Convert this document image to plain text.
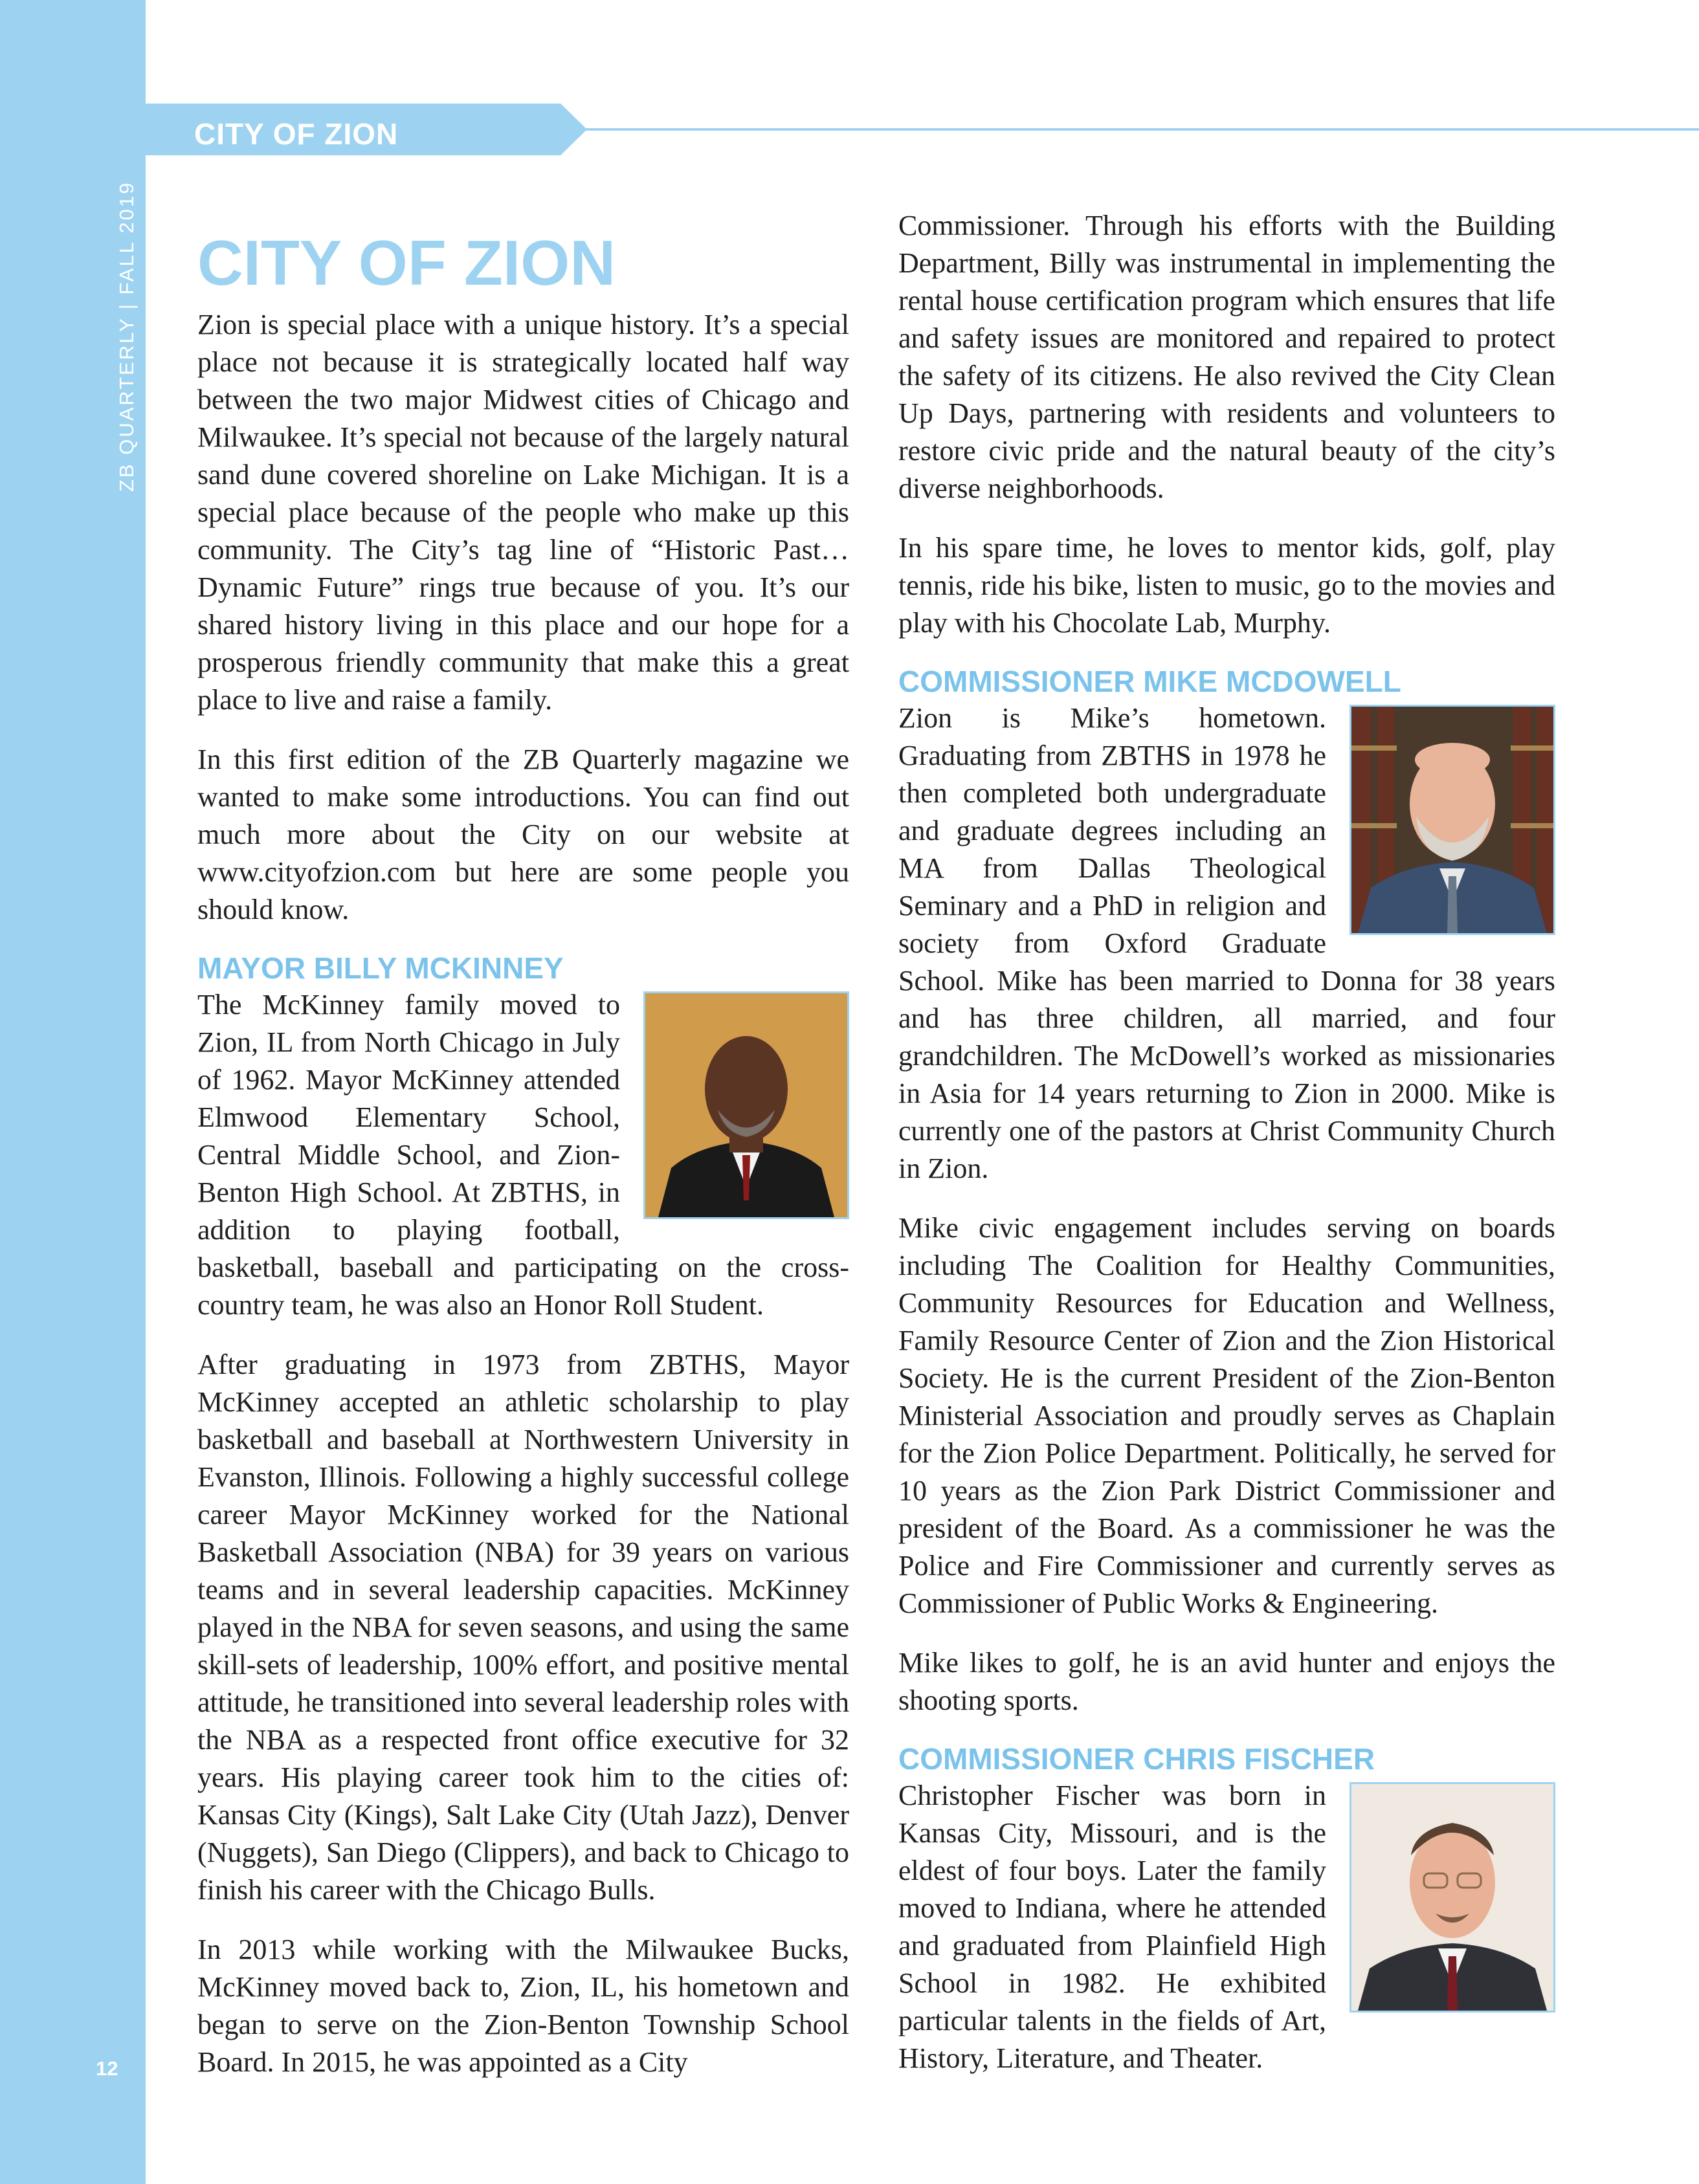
ZB QUARTERLY | FALL 2019
12
CITY OF ZION
CITY OF ZION

Zion is special place with a unique history. It’s a special place not because it is strategically located half way between the two major Midwest cities of Chicago and Milwaukee. It’s special not because of the largely natural sand dune covered shoreline on Lake Michigan. It is a special place because of the people who make up this community. The City’s tag line of “Historic Past… Dynamic Future” rings true because of you. It’s our shared history living in this place and our hope for a prosperous friendly community that make this a great place to live and raise a family.

In this first edition of the ZB Quarterly magazine we wanted to make some introductions. You can find out much more about the City on our website at www.cityofzion.com but here are some people you should know.

MAYOR BILLY MCKINNEY

The McKinney family moved to Zion, IL from North Chicago in July of 1962. Mayor McKinney attended Elmwood Elementary School, Central Middle School, and Zion-Benton High School. At ZBTHS, in addition to playing football, basketball, baseball and participating on the cross-country team, he was also an Honor Roll Student.

After graduating in 1973 from ZBTHS, Mayor McKinney accepted an athletic scholarship to play basketball and baseball at Northwestern University in Evanston, Illinois. Following a highly successful college career Mayor McKinney worked for the National Basketball Association (NBA) for 39 years on various teams and in several leadership capacities. McKinney played in the NBA for seven seasons, and using the same skill-sets of leadership, 100% effort, and positive mental attitude, he transitioned into several leadership roles with the NBA as a respected front office executive for 32 years. His playing career took him to the cities of: Kansas City (Kings), Salt Lake City (Utah Jazz), Denver (Nuggets), San Diego (Clippers), and back to Chicago to finish his career with the Chicago Bulls.

In 2013 while working with the Milwaukee Bucks, McKinney moved back to, Zion, IL, his hometown and began to serve on the Zion-Benton Township School Board. In 2015, he was appointed as a City

Commissioner. Through his efforts with the Building Department, Billy was instrumental in implementing the rental house certification program which ensures that life and safety issues are monitored and repaired to protect the safety of its citizens. He also revived the City Clean Up Days, partnering with residents and volunteers to restore civic pride and the natural beauty of the city’s diverse neighborhoods.

In his spare time, he loves to mentor kids, golf, play tennis, ride his bike, listen to music, go to the movies and play with his Chocolate Lab, Murphy.

COMMISSIONER MIKE MCDOWELL

Zion is Mike’s hometown. Graduating from ZBTHS in 1978 he then completed both undergraduate and graduate degrees including an MA from Dallas Theological Seminary and a PhD in religion and society from Oxford Graduate School. Mike has been married to Donna for 38 years and has three children, all married, and four grandchildren. The McDowell’s worked as missionaries in Asia for 14 years returning to Zion in 2000. Mike is currently one of the pastors at Christ Community Church in Zion.

Mike civic engagement includes serving on boards including The Coalition for Healthy Communities, Community Resources for Education and Wellness, Family Resource Center of Zion and the Zion Historical Society. He is the current President of the Zion-Benton Ministerial Association and proudly serves as Chaplain for the Zion Police Department. Politically, he served for 10 years as the Zion Park District Commissioner and president of the Board. As a commissioner he was the Police and Fire Commissioner and currently serves as Commissioner of Public Works & Engineering.

Mike likes to golf, he is an avid hunter and enjoys the shooting sports.

COMMISSIONER CHRIS FISCHER

Christopher Fischer was born in Kansas City, Missouri, and is the eldest of four boys. Later the family moved to Indiana, where he attended and graduated from Plainfield High School in 1982. He exhibited particular talents in the fields of Art, History, Literature, and Theater.
